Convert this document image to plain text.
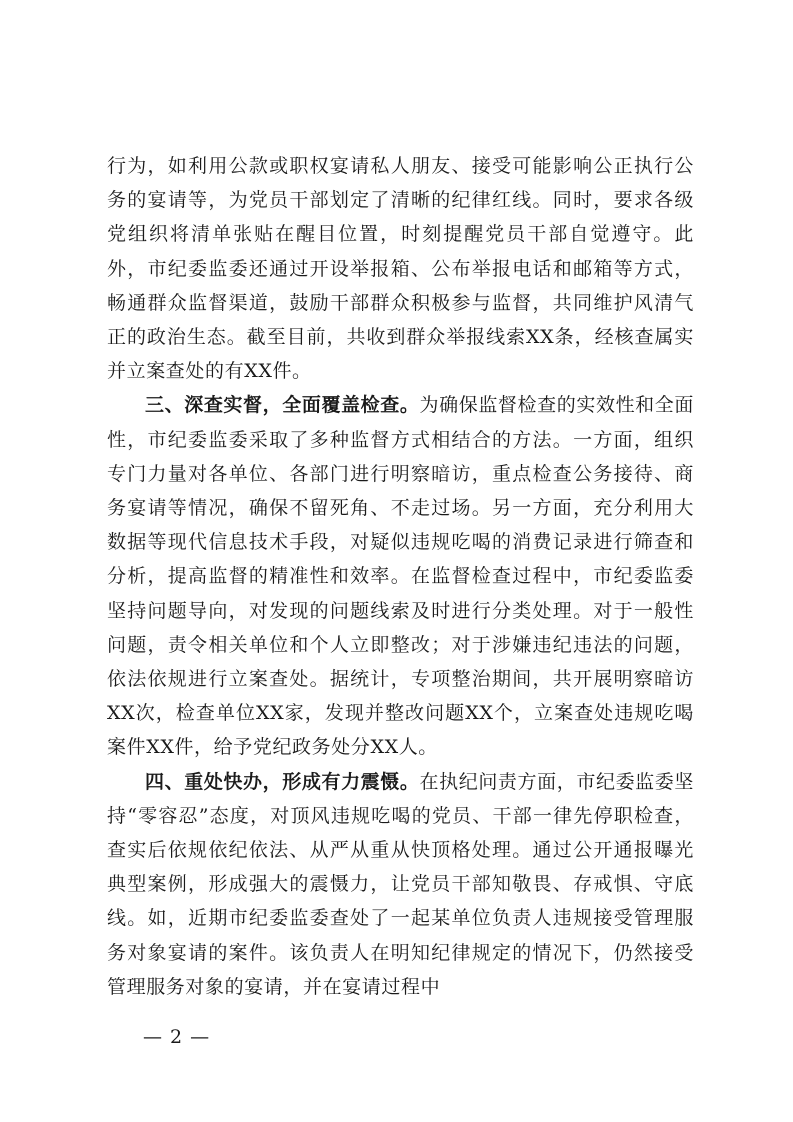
行为，如利用公款或职权宴请私人朋友、接受可能影响公正执行公务的宴请等，为党员干部划定了清晰的纪律红线。同时，要求各级党组织将清单张贴在醒目位置，时刻提醒党员干部自觉遵守。此外，市纪委监委还通过开设举报箱、公布举报电话和邮箱等方式，畅通群众监督渠道，鼓励干部群众积极参与监督，共同维护风清气正的政治生态。截至目前，共收到群众举报线索XX条，经核查属实并立案查处的有XX件。

三、深查实督，全面覆盖检查。为确保监督检查的实效性和全面性，市纪委监委采取了多种监督方式相结合的方法。一方面，组织专门力量对各单位、各部门进行明察暗访，重点检查公务接待、商务宴请等情况，确保不留死角、不走过场。另一方面，充分利用大数据等现代信息技术手段，对疑似违规吃喝的消费记录进行筛查和分析，提高监督的精准性和效率。在监督检查过程中，市纪委监委坚持问题导向，对发现的问题线索及时进行分类处理。对于一般性问题，责令相关单位和个人立即整改；对于涉嫌违纪违法的问题，依法依规进行立案查处。据统计，专项整治期间，共开展明察暗访XX次，检查单位XX家，发现并整改问题XX个，立案查处违规吃喝案件XX件，给予党纪政务处分XX人。

四、重处快办，形成有力震慑。在执纪问责方面，市纪委监委坚持“零容忍”态度，对顶风违规吃喝的党员、干部一律先停职检查，查实后依规依纪依法、从严从重从快顶格处理。通过公开通报曝光典型案例，形成强大的震慑力，让党员干部知敬畏、存戒惧、守底线。如，近期市纪委监委查处了一起某单位负责人违规接受管理服务对象宴请的案件。该负责人在明知纪律规定的情况下，仍然接受管理服务对象的宴请，并在宴请过程中

— 2 —
